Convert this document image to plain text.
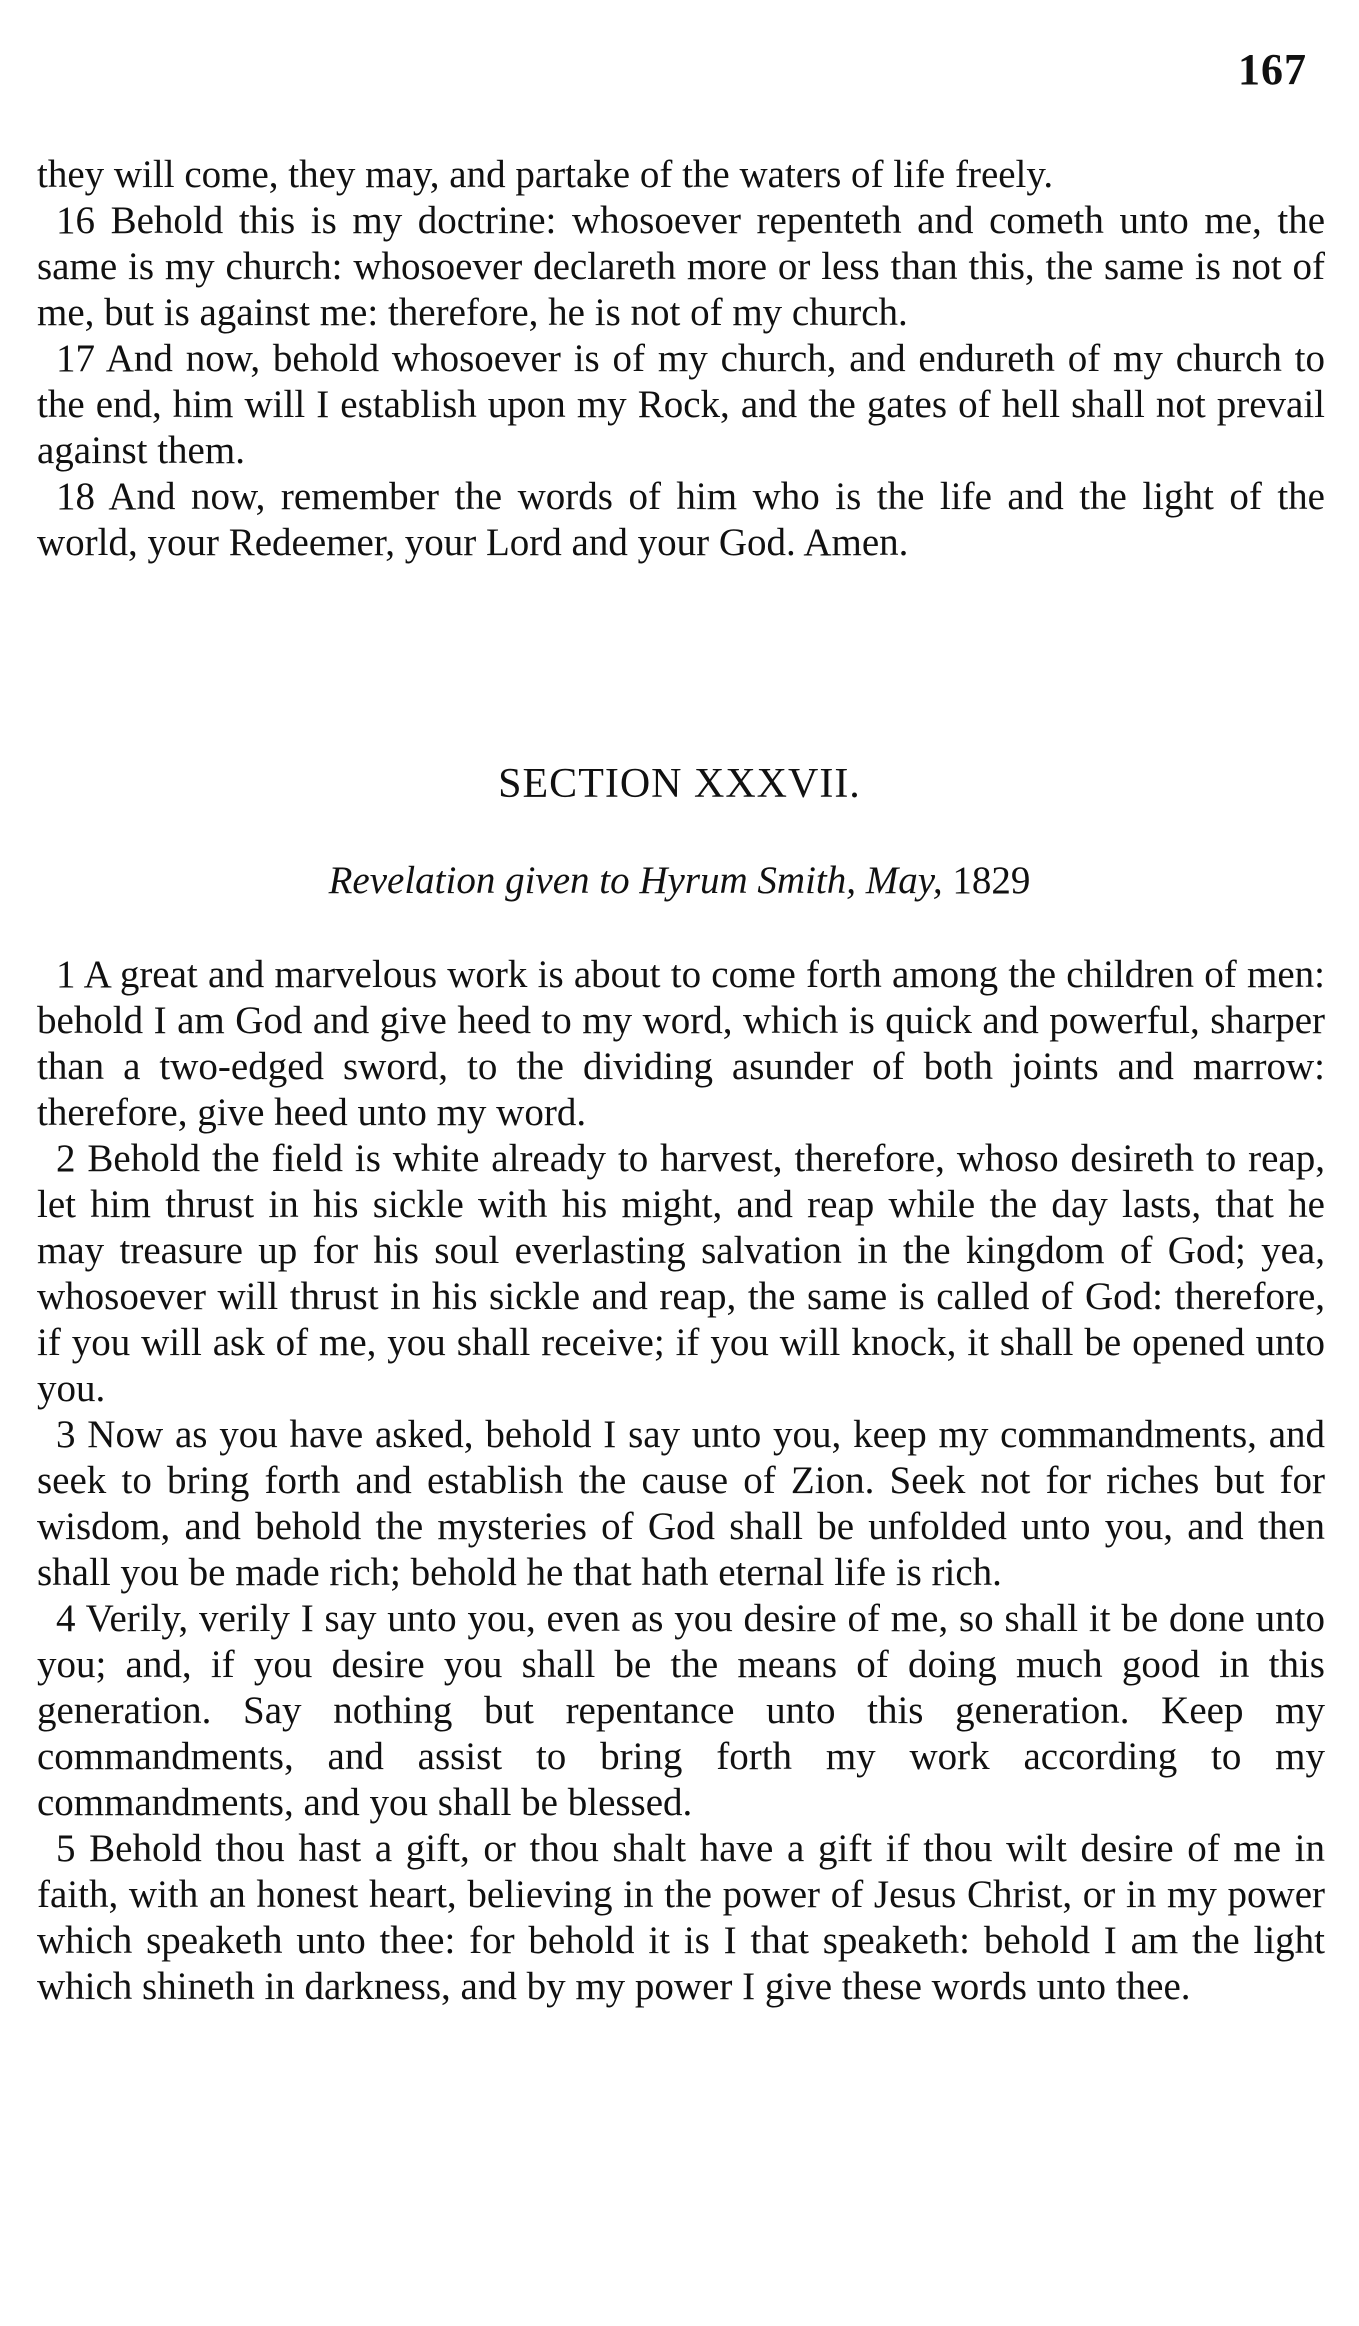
167

they will come, they may, and partake of the waters of life freely.

16 Behold this is my doctrine: whosoever repenteth and cometh unto me, the same is my church: whosoever declareth more or less than this, the same is not of me, but is against me: therefore, he is not of my church.

17 And now, behold whosoever is of my church, and endureth of my church to the end, him will I establish upon my Rock, and the gates of hell shall not prevail against them.

18 And now, remember the words of him who is the life and the light of the world, your Redeemer, your Lord and your God. Amen.

SECTION XXXVII.
Revelation given to Hyrum Smith, May, 1829

1 A great and marvelous work is about to come forth among the children of men: behold I am God and give heed to my word, which is quick and powerful, sharper than a two-edged sword, to the dividing asunder of both joints and marrow: therefore, give heed unto my word.

2 Behold the field is white already to harvest, therefore, whoso desireth to reap, let him thrust in his sickle with his might, and reap while the day lasts, that he may treasure up for his soul everlasting salvation in the kingdom of God; yea, whosoever will thrust in his sickle and reap, the same is called of God: therefore, if you will ask of me, you shall receive; if you will knock, it shall be opened unto you.

3 Now as you have asked, behold I say unto you, keep my commandments, and seek to bring forth and establish the cause of Zion. Seek not for riches but for wisdom, and behold the mysteries of God shall be unfolded unto you, and then shall you be made rich; behold he that hath eternal life is rich.

4 Verily, verily I say unto you, even as you desire of me, so shall it be done unto you; and, if you desire you shall be the means of doing much good in this generation. Say nothing but repentance unto this generation. Keep my commandments, and assist to bring forth my work according to my commandments, and you shall be blessed.

5 Behold thou hast a gift, or thou shalt have a gift if thou wilt desire of me in faith, with an honest heart, believing in the power of Jesus Christ, or in my power which speaketh unto thee: for behold it is I that speaketh: behold I am the light which shineth in darkness, and by my power I give these words unto thee.
